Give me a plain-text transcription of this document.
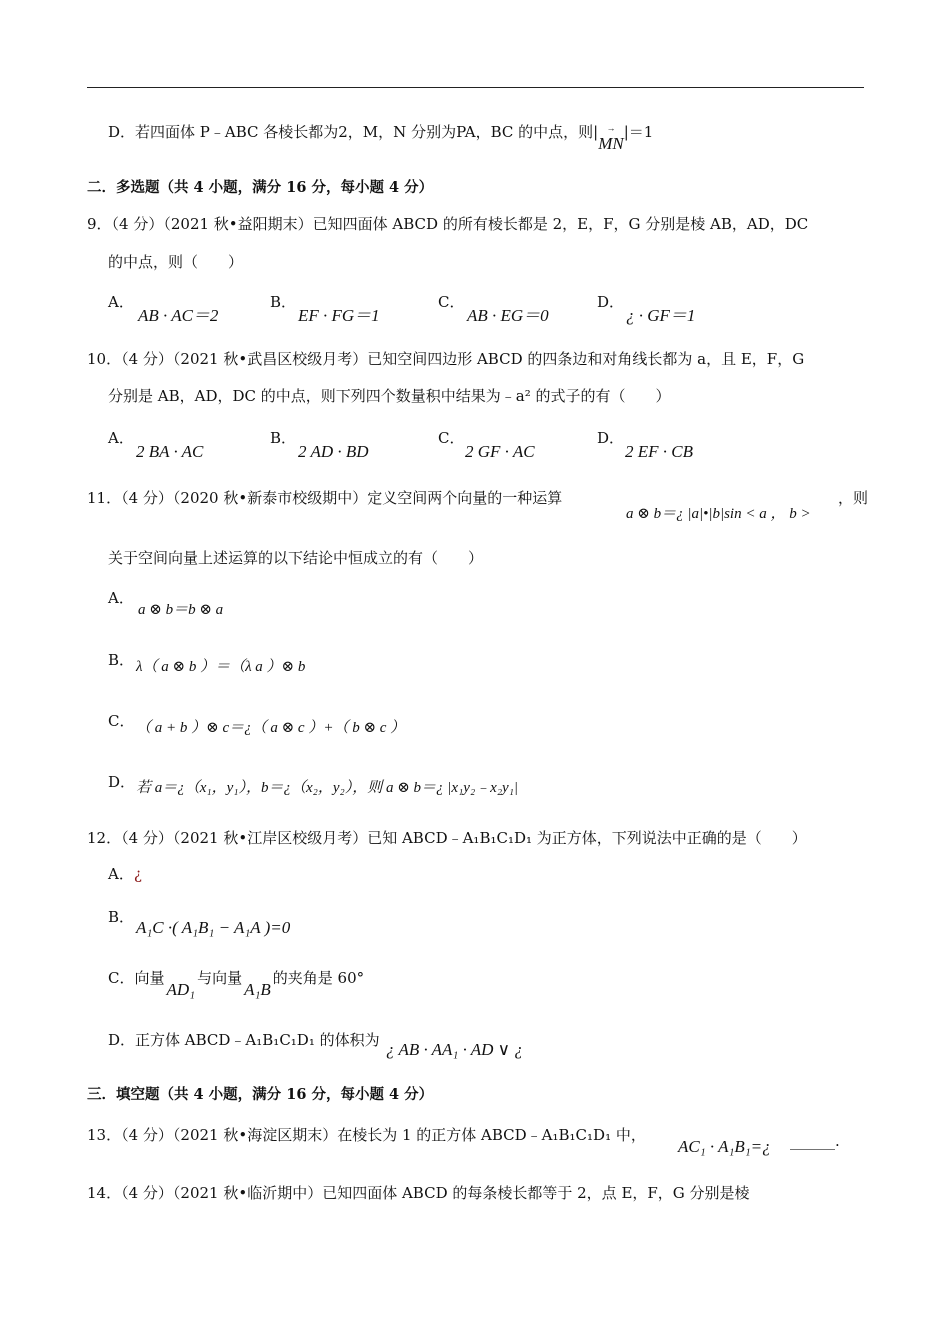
D．若四面体 P﹣ABC 各棱长都为2，M，N 分别为PA，BC 的中点，则|→ MN|＝1
二．多选题（共 4 小题，满分 16 分，每小题 4 分）
9．（4 分）（2021 秋•益阳期末）已知四面体 ABCD 的所有棱长都是 2，E，F，G 分别是棱 AB，AD，DC
的中点，则（　　）
A．
AB · AC＝2
B．
EF · FG＝1
C．
AB · EG＝0
D．
¿ · GF＝1
10．（4 分）（2021 秋•武昌区校级月考）已知空间四边形 ABCD 的四条边和对角线长都为 a，且 E，F，G
分别是 AB，AD，DC 的中点，则下列四个数量积中结果为﹣a² 的式子的有（　　）
A．
2 BA · AC
B．
2 AD · BD
C．
2 GF · AC
D．
2 EF · CB
11．（4 分）（2020 秋•新泰市校级期中）定义空间两个向量的一种运算
a ⊗ b＝¿ |a|•|b|sin < a ， b >
，则
关于空间向量上述运算的以下结论中恒成立的有（　　）
A．
a ⊗ b＝b ⊗ a
B． λ（ a ⊗ b ）＝（λ a ）⊗ b
C． （ a + b ）⊗ c＝¿（ a ⊗ c ）+（ b ⊗ c ）
D． 若 a＝¿（x₁，y₁），b＝¿（x₂，y₂），则 a ⊗ b＝¿ |x₁y₂﹣x₂y₁|
12．（4 分）（2021 秋•江岸区校级月考）已知 ABCD﹣A₁B₁C₁D₁ 为正方体，下列说法中正确的是（　　）
A．¿
B．
A₁C ·( A₁B₁ − A₁A )=0
C．向量AD₁与向量A₁B的夹角是 60°
D．正方体 ABCD﹣A₁B₁C₁D₁ 的体积为 ¿ AB · AA₁ · AD ∨ ¿
三．填空题（共 4 小题，满分 16 分，每小题 4 分）
13．（4 分）（2021 秋•海淀区期末）在棱长为 1 的正方体 ABCD﹣A₁B₁C₁D₁ 中，
AC₁ · A₁B₁=¿ ______.
14．（4 分）（2021 秋•临沂期中）已知四面体 ABCD 的每条棱长都等于 2，点 E，F，G 分别是棱
